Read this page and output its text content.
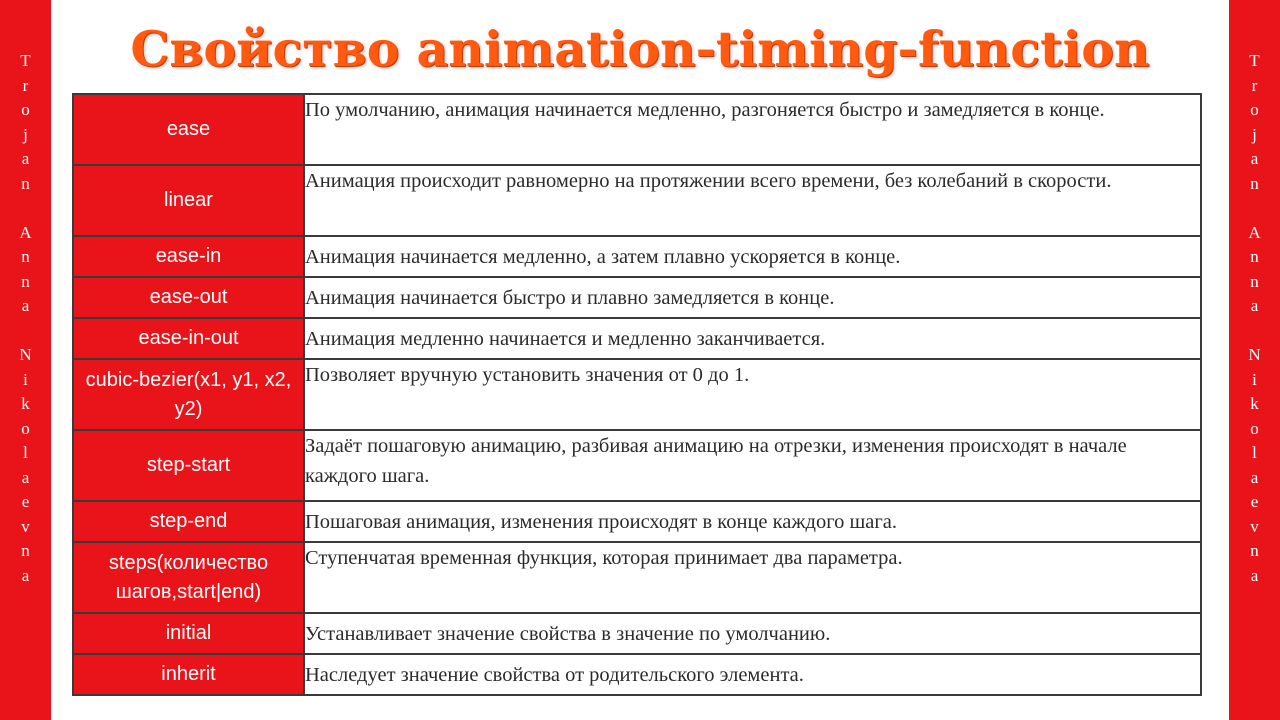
T
r
o
j
a
n
A
n
n
a
N
i
k
o
l
a
e
v
n
a
T
r
o
j
a
n
A
n
n
a
N
i
k
o
l
a
e
v
n
a
Свойство animation-timing-function
ease	По умолчанию, анимация начинается медленно, разгоняется быстро и замедляется в конце.
linear	Анимация происходит равномерно на протяжении всего времени, без колебаний в скорости.
ease-in	Анимация начинается медленно, а затем плавно ускоряется в конце.
ease-out	Анимация начинается быстро и плавно замедляется в конце.
ease-in-out	Анимация медленно начинается и медленно заканчивается.
cubic-bezier(x1, y1, x2, y2)	Позволяет вручную установить значения от 0 до 1.
step-start	Задаёт пошаговую анимацию, разбивая анимацию на отрезки, изменения происходят в начале каждого шага.
step-end	Пошаговая анимация, изменения происходят в конце каждого шага.
steps(количество шагов,start|end)	Ступенчатая временная функция, которая принимает два параметра.
initial	Устанавливает значение свойства в значение по умолчанию.
inherit	Наследует значение свойства от родительского элемента.
